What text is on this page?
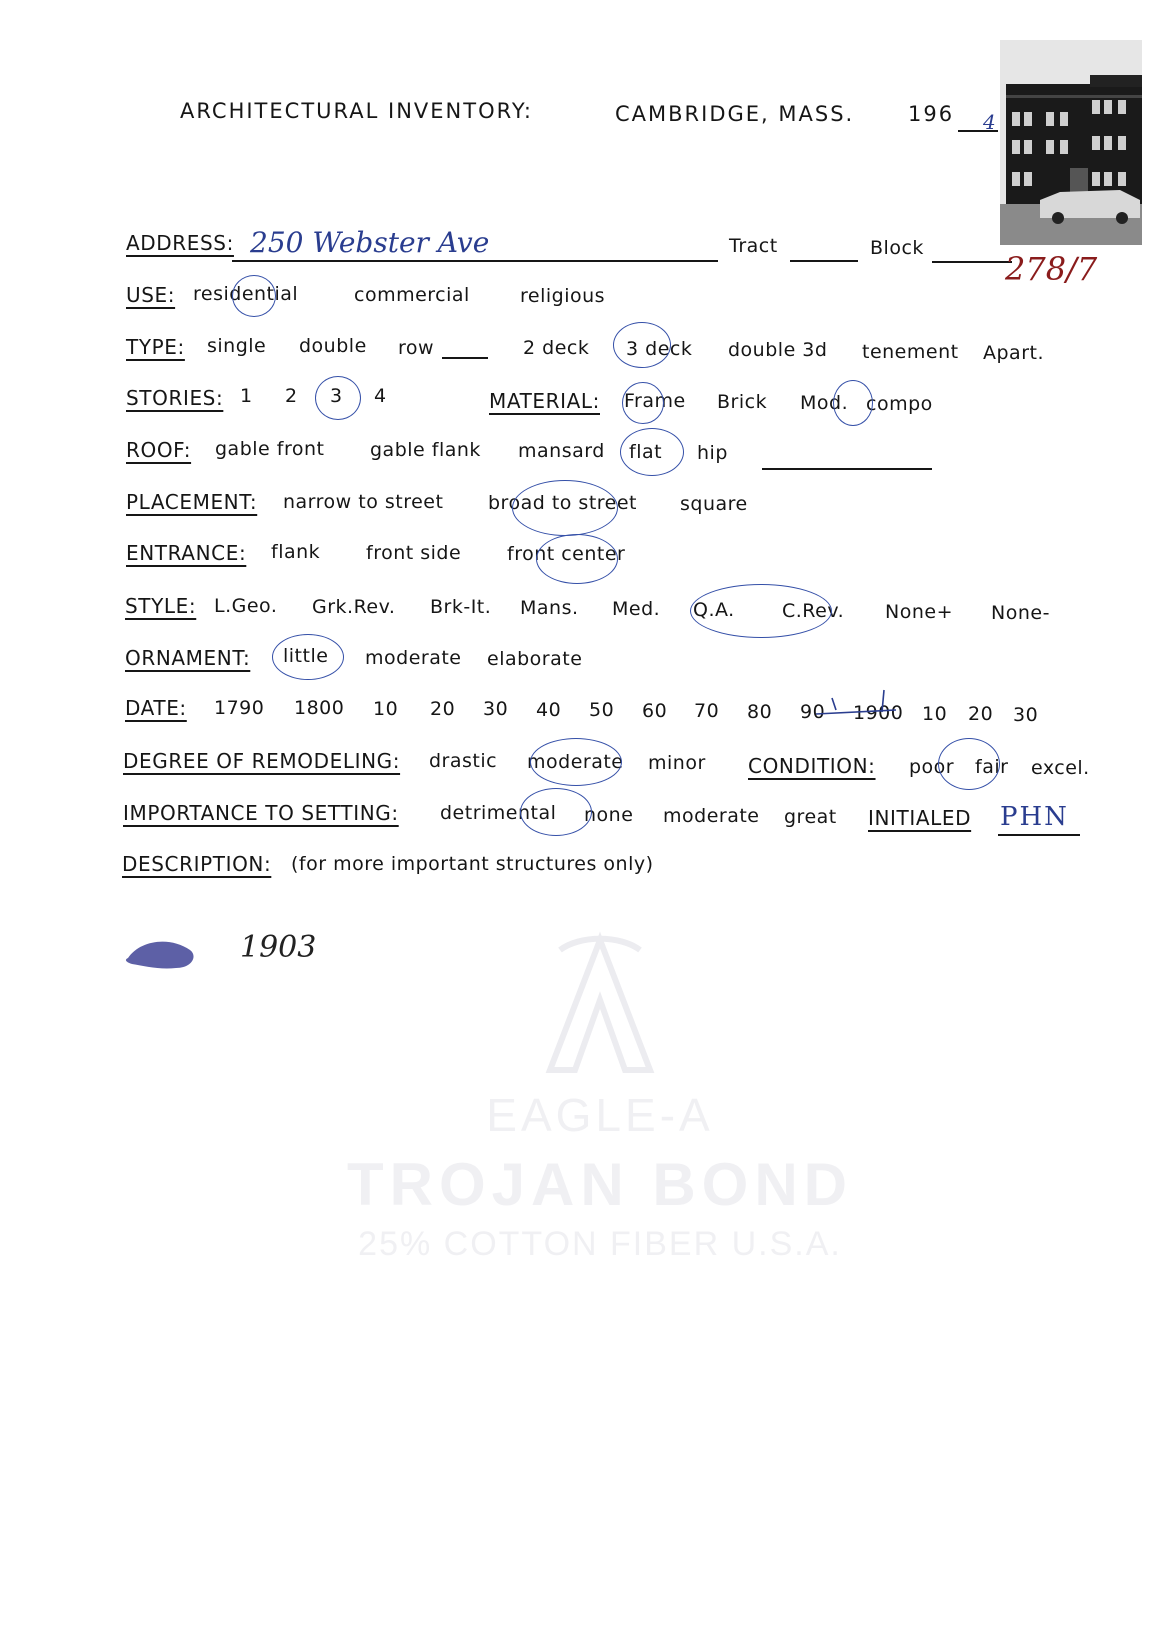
ARCHITECTURAL INVENTORY:	CAMBRIDGE, MASS.	196 4
ADDRESS: 250 Webster Ave	Tract	Block
278/7
USE: residential	commercial	religious
TYPE: single double row	2 deck 3 deck double 3d tenement Apart.
STORIES: 1 2 3 4	MATERIAL: Frame Brick Mod. compo
ROOF: gable front gable flank mansard flat hip
PLACEMENT: narrow to street broad to street square
ENTRANCE: flank front side front center
STYLE: L.Geo. Grk.Rev. Brk-It. Mans. Med. Q.A. C.Rev. None+ None-
ORNAMENT: little moderate elaborate
DATE: 1790 1800 10 20 30 40 50 60 70 80 90 1900 10 20 30
DEGREE OF REMODELING: drastic moderate minor CONDITION: poor fair excel.
IMPORTANCE TO SETTING: detrimental none moderate great INITIALED PHN
DESCRIPTION: (for more important structures only)
1903
EAGLE-A
TROJAN BOND
25% COTTON FIBER U.S.A.
